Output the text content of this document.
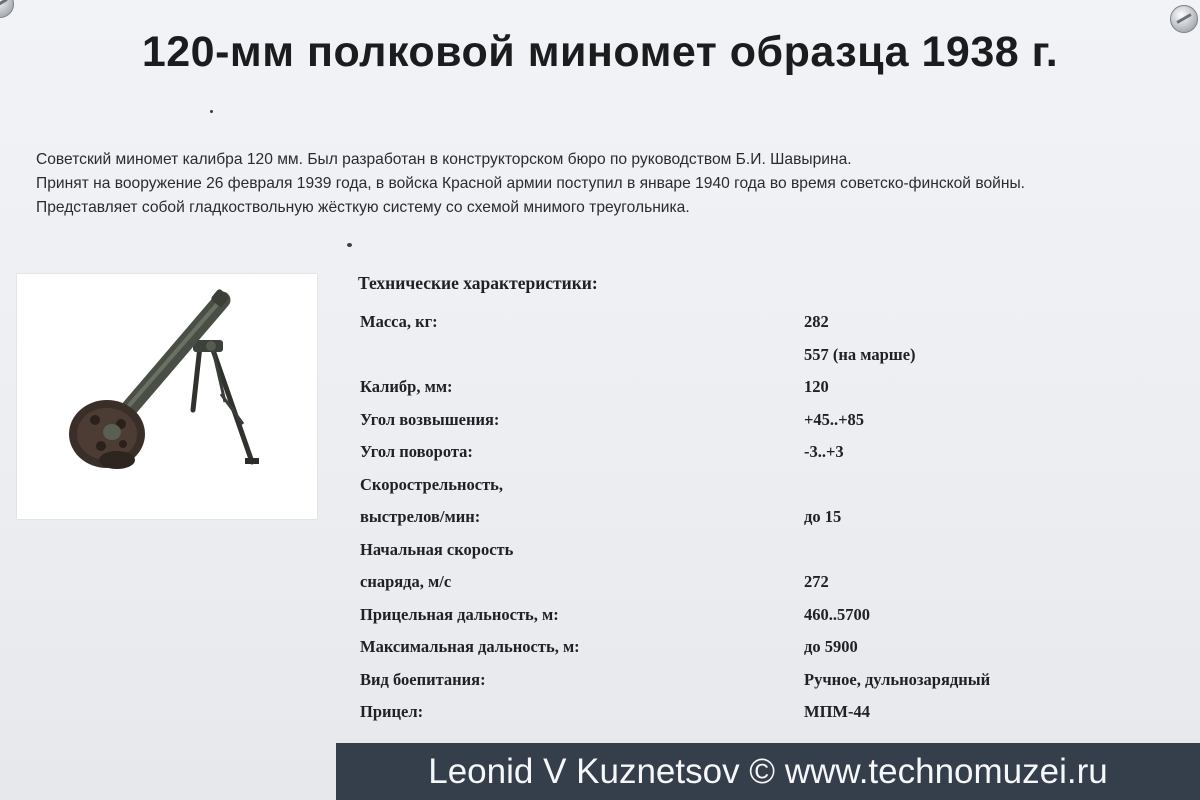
120-мм полковой миномет образца 1938 г.
Советский миномет калибра 120 мм. Был разработан в конструкторском бюро по руководством Б.И. Шавырина.
Принят на вооружение 26 февраля 1939 года, в войска Красной армии поступил в январе 1940 года во время советско-финской войны.
Представляет собой гладкоствольную жёсткую систему со схемой мнимого треугольника.
Технические характеристики:
Масса, кг:	282
557 (на марше)
Калибр, мм:	120
Угол возвышения:	+45..+85
Угол поворота:	-3..+3
Скорострельность,
выстрелов/мин:	до 15
Начальная скорость
снаряда, м/с	272
Прицельная дальность, м:	460..5700
Максимальная дальность, м:	до 5900
Вид боепитания:	Ручное, дульнозарядный
Прицел:	МПМ-44
Leonid V Kuznetsov © www.technomuzei.ru
